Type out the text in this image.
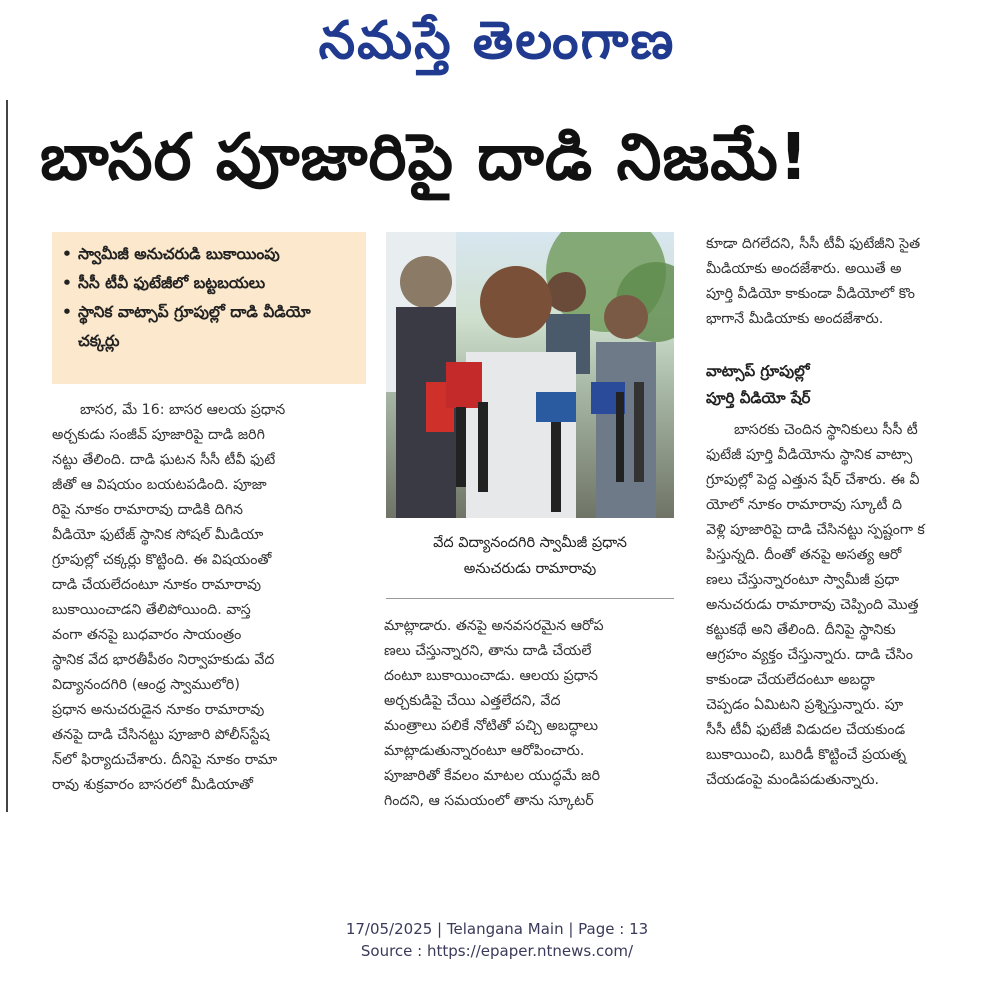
నమస్తే తెలంగాణ
బాసర పూజారిపై దాడి నిజమే!
• స్వామీజీ అనుచరుడి బుకాయింపు
• సీసీ టీవీ ఫుటేజీలో బట్టబయలు
• స్థానిక వాట్సాప్ గ్రూపుల్లో దాడి వీడియో చక్కర్లు

బాసర, మే 16: బాసర ఆలయ ప్రధాన

అర్చకుడు సంజీవ్ పూజారిపై దాడి జరిగి

నట్టు తేలింది. దాడి ఘటన సీసీ టీవీ ఫుటే

జీతో ఆ విషయం బయటపడింది. పూజా

రిపై నూకం రామారావు దాడికి దిగిన

వీడియో ఫుటేజ్ స్థానిక సోషల్ మీడియా

గ్రూపుల్లో చక్కర్లు కొట్టింది. ఈ విషయంతో

దాడి చేయలేదంటూ నూకం రామారావు

బుకాయించాడని తేలిపోయింది. వాస్త

వంగా తనపై బుధవారం సాయంత్రం

స్థానిక వేద భారతీపీఠం నిర్వాహకుడు వేద

విద్యానందగిరి (ఆంధ్ర స్వాములోరి)

ప్రధాన అనుచరుడైన నూకం రామారావు

తనపై దాడి చేసినట్టు పూజారి పోలీస్‌స్టేష

న్‌లో ఫిర్యాదుచేశారు. దీనిపై నూకం రామా

రావు శుక్రవారం బాసరలో మీడియాతో

వేద విద్యానందగిరి స్వామీజీ ప్రధాన
అనుచరుడు రామారావు

మాట్లాడారు. తనపై అనవసరమైన ఆరోప

ణలు చేస్తున్నారని, తాను దాడి చేయలే

దంటూ బుకాయించాడు. ఆలయ ప్రధాన

అర్చకుడిపై చేయి ఎత్తలేదని, వేద

మంత్రాలు పలికే నోటితో పచ్చి అబద్ధాలు

మాట్లాడుతున్నారంటూ ఆరోపించారు.

పూజారితో కేవలం మాటల యుద్ధమే జరి

గిందని, ఆ సమయంలో తాను స్కూటర్

కూడా దిగలేదని, సీసీ టీవీ ఫుటేజీని సైత

మీడియాకు అందజేశారు. అయితే అ

పూర్తి వీడియో కాకుండా వీడియోలో కొం

భాగానే మీడియాకు అందజేశారు.

వాట్సాప్ గ్రూపుల్లో

పూర్తి వీడియో షేర్

బాసరకు చెందిన స్థానికులు సీసీ టీ

ఫుటేజీ పూర్తి వీడియోను స్థానిక వాట్సా

గ్రూపుల్లో పెద్ద ఎత్తున షేర్ చేశారు. ఈ వీ

యోలో నూకం రామారావు స్కూటీ ది

వెళ్లి పూజారిపై దాడి చేసినట్టు స్పష్టంగా క

పిస్తున్నది. దీంతో తనపై అసత్య ఆరో

ణలు చేస్తున్నారంటూ స్వామీజీ ప్రధా

అనుచరుడు రామారావు చెప్పింది మొత్త

కట్టుకథే అని తేలింది. దీనిపై స్థానికు

ఆగ్రహం వ్యక్తం చేస్తున్నారు. దాడి చేసిం

కాకుండా చేయలేదంటూ అబద్ధా

చెప్పడం ఏమిటని ప్రశ్నిస్తున్నారు. పూ

సీసీ టీవీ ఫుటేజీ విడుదల చేయకుండ

బుకాయించి, బురిడీ కొట్టించే ప్రయత్న

చేయడంపై మండిపడుతున్నారు.

17/05/2025 | Telangana Main | Page : 13
Source : https://epaper.ntnews.com/
